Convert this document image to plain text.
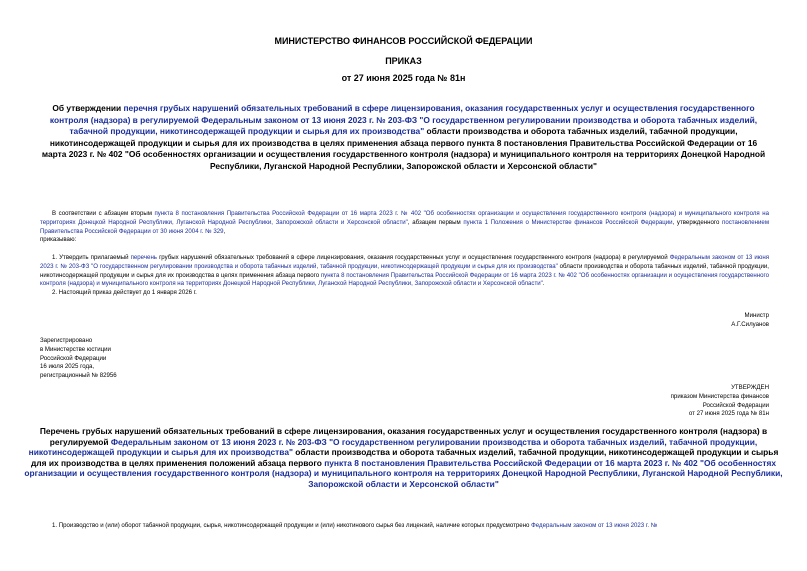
МИНИСТЕРСТВО ФИНАНСОВ РОССИЙСКОЙ ФЕДЕРАЦИИ
ПРИКАЗ
от 27 июня 2025 года № 81н
Об утверждении перечня грубых нарушений обязательных требований в сфере лицензирования, оказания государственных услуг и осуществления государственного контроля (надзора) в регулируемой Федеральным законом от 13 июня 2023 г. № 203-ФЗ "О государственном регулировании производства и оборота табачных изделий, табачной продукции, никотинсодержащей продукции и сырья для их производства" области производства и оборота табачных изделий, табачной продукции, никотинсодержащей продукции и сырья для их производства в целях применения абзаца первого пункта 8 постановления Правительства Российской Федерации от 16 марта 2023 г. № 402 "Об особенностях организации и осуществления государственного контроля (надзора) и муниципального контроля на территориях Донецкой Народной Республики, Луганской Народной Республики, Запорожской области и Херсонской области"

В соответствии с абзацем вторым пункта 8 постановления Правительства Российской Федерации от 16 марта 2023 г. № 402 "Об особенностях организации и осуществления государственного контроля (надзора) и муниципального контроля на территориях Донецкой Народной Республики, Луганской Народной Республики, Запорожской области и Херсонской области", абзацем первым пункта 1 Положения о Министерстве финансов Российской Федерации, утвержденного постановлением Правительства Российской Федерации от 30 июня 2004 г. № 329,

приказываю:

1. Утвердить прилагаемый перечень грубых нарушений обязательных требований в сфере лицензирования, оказания государственных услуг и осуществления государственного контроля (надзора) в регулируемой Федеральным законом от 13 июня 2023 г. № 203-ФЗ "О государственном регулировании производства и оборота табачных изделий, табачной продукции, никотинсодержащей продукции и сырья для их производства" области производства и оборота табачных изделий, табачной продукции, никотинсодержащей продукции и сырья для их производства в целях применения абзаца первого пункта 8 постановления Правительства Российской Федерации от 16 марта 2023 г. № 402 "Об особенностях организации и осуществления государственного контроля (надзора) и муниципального контроля на территориях Донецкой Народной Республики, Луганской Народной Республики, Запорожской области и Херсонской области".

2. Настоящий приказ действует до 1 января 2026 г.

Министр
А.Г.Силуанов
Зарегистрировано
в Министерстве юстиции
Российской Федерации
16 июля 2025 года,
регистрационный № 82956
УТВЕРЖДЕН
приказом Министерства финансов
Российской Федерации
от 27 июня 2025 года № 81н
Перечень грубых нарушений обязательных требований в сфере лицензирования, оказания государственных услуг и осуществления государственного контроля (надзора) в регулируемой Федеральным законом от 13 июня 2023 г. № 203-ФЗ "О государственном регулировании производства и оборота табачных изделий, табачной продукции, никотинсодержащей продукции и сырья для их производства" области производства и оборота табачных изделий, табачной продукции, никотинсодержащей продукции и сырья для их производства в целях применения положений абзаца первого пункта 8 постановления Правительства Российской Федерации от 16 марта 2023 г. № 402 "Об особенностях организации и осуществления государственного контроля (надзора) и муниципального контроля на территориях Донецкой Народной Республики, Луганской Народной Республики, Запорожской области и Херсонской области"

1. Производство и (или) оборот табачной продукции, сырья, никотинсодержащей продукции и (или) никотинового сырья без лицензий, наличие которых предусмотрено Федеральным законом от 13 июня 2023 г. №
